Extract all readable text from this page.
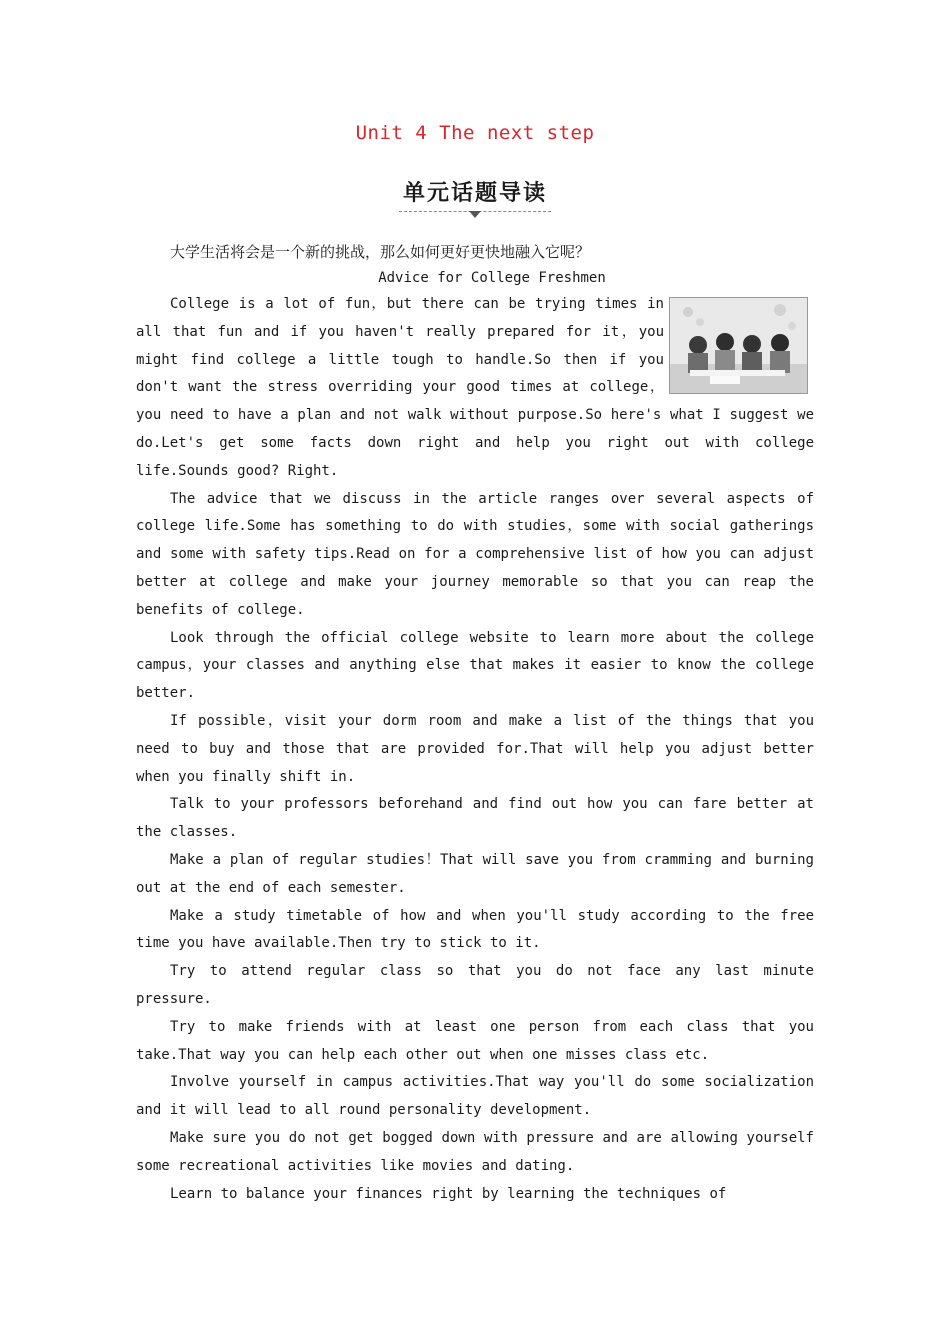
Unit 4 The next step
单元话题导读
大学生活将会是一个新的挑战，那么如何更好更快地融入它呢？
Advice for College Freshmen

College is a lot of fun，but there can be trying times in all that fun and if you haven't really prepared for it，you might find college a little tough to handle.So then if you don't want the stress overriding your good times at college，you need to have a plan and not walk without purpose.So here's what I suggest we do.Let's get some facts down right and help you right out with college life.Sounds good? Right.

The advice that we discuss in the article ranges over several aspects of college life.Some has something to do with studies，some with social gatherings and some with safety tips.Read on for a comprehensive list of how you can adjust better at college and make your journey memorable so that you can reap the benefits of college.

Look through the official college website to learn more about the college campus，your classes and anything else that makes it easier to know the college better.

If possible，visit your dorm room and make a list of the things that you need to buy and those that are provided for.That will help you adjust better when you finally shift in.

Talk to your professors beforehand and find out how you can fare better at the classes.

Make a plan of regular studies！That will save you from cramming and burning out at the end of each semester.

Make a study timetable of how and when you'll study according to the free time you have available.Then try to stick to it.

Try to attend regular class so that you do not face any last minute pressure.

Try to make friends with at least one person from each class that you take.That way you can help each other out when one misses class etc.

Involve yourself in campus activities.That way you'll do some socialization and it will lead to all round personality development.

Make sure you do not get bogged down with pressure and are allowing yourself some recreational activities like movies and dating.

Learn to balance your finances right by learning the techniques of
